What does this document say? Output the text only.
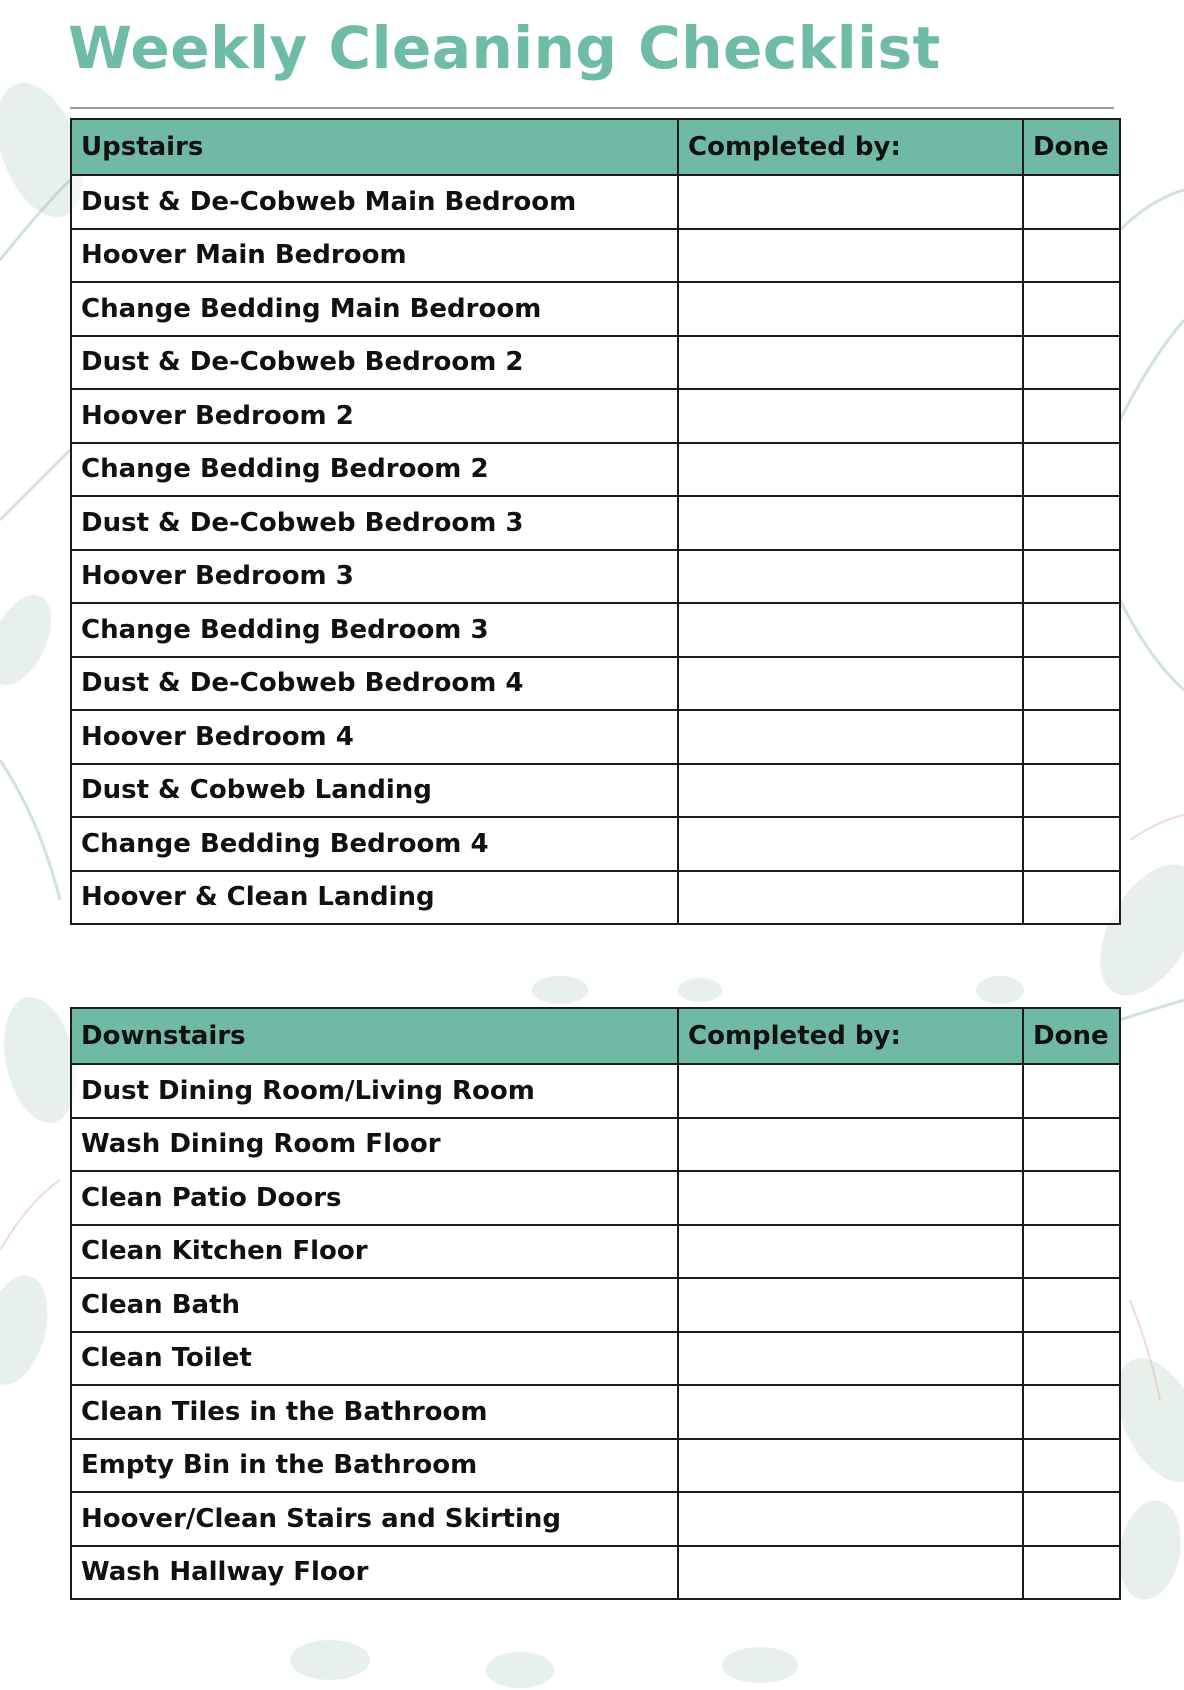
Weekly Cleaning Checklist
Upstairs	Completed by:	Done
Dust & De-Cobweb Main Bedroom		
Hoover Main Bedroom		
Change Bedding Main Bedroom		
Dust & De-Cobweb Bedroom 2		
Hoover Bedroom 2		
Change Bedding Bedroom 2		
Dust & De-Cobweb Bedroom 3		
Hoover Bedroom 3		
Change Bedding Bedroom 3		
Dust & De-Cobweb Bedroom 4		
Hoover Bedroom 4		
Dust & Cobweb Landing		
Change Bedding Bedroom 4		
Hoover & Clean Landing		
Downstairs	Completed by:	Done
Dust Dining Room/Living Room		
Wash Dining Room Floor		
Clean Patio Doors		
Clean Kitchen Floor		
Clean Bath		
Clean Toilet		
Clean Tiles in the Bathroom		
Empty Bin in the Bathroom		
Hoover/Clean Stairs and Skirting		
Wash Hallway Floor		
